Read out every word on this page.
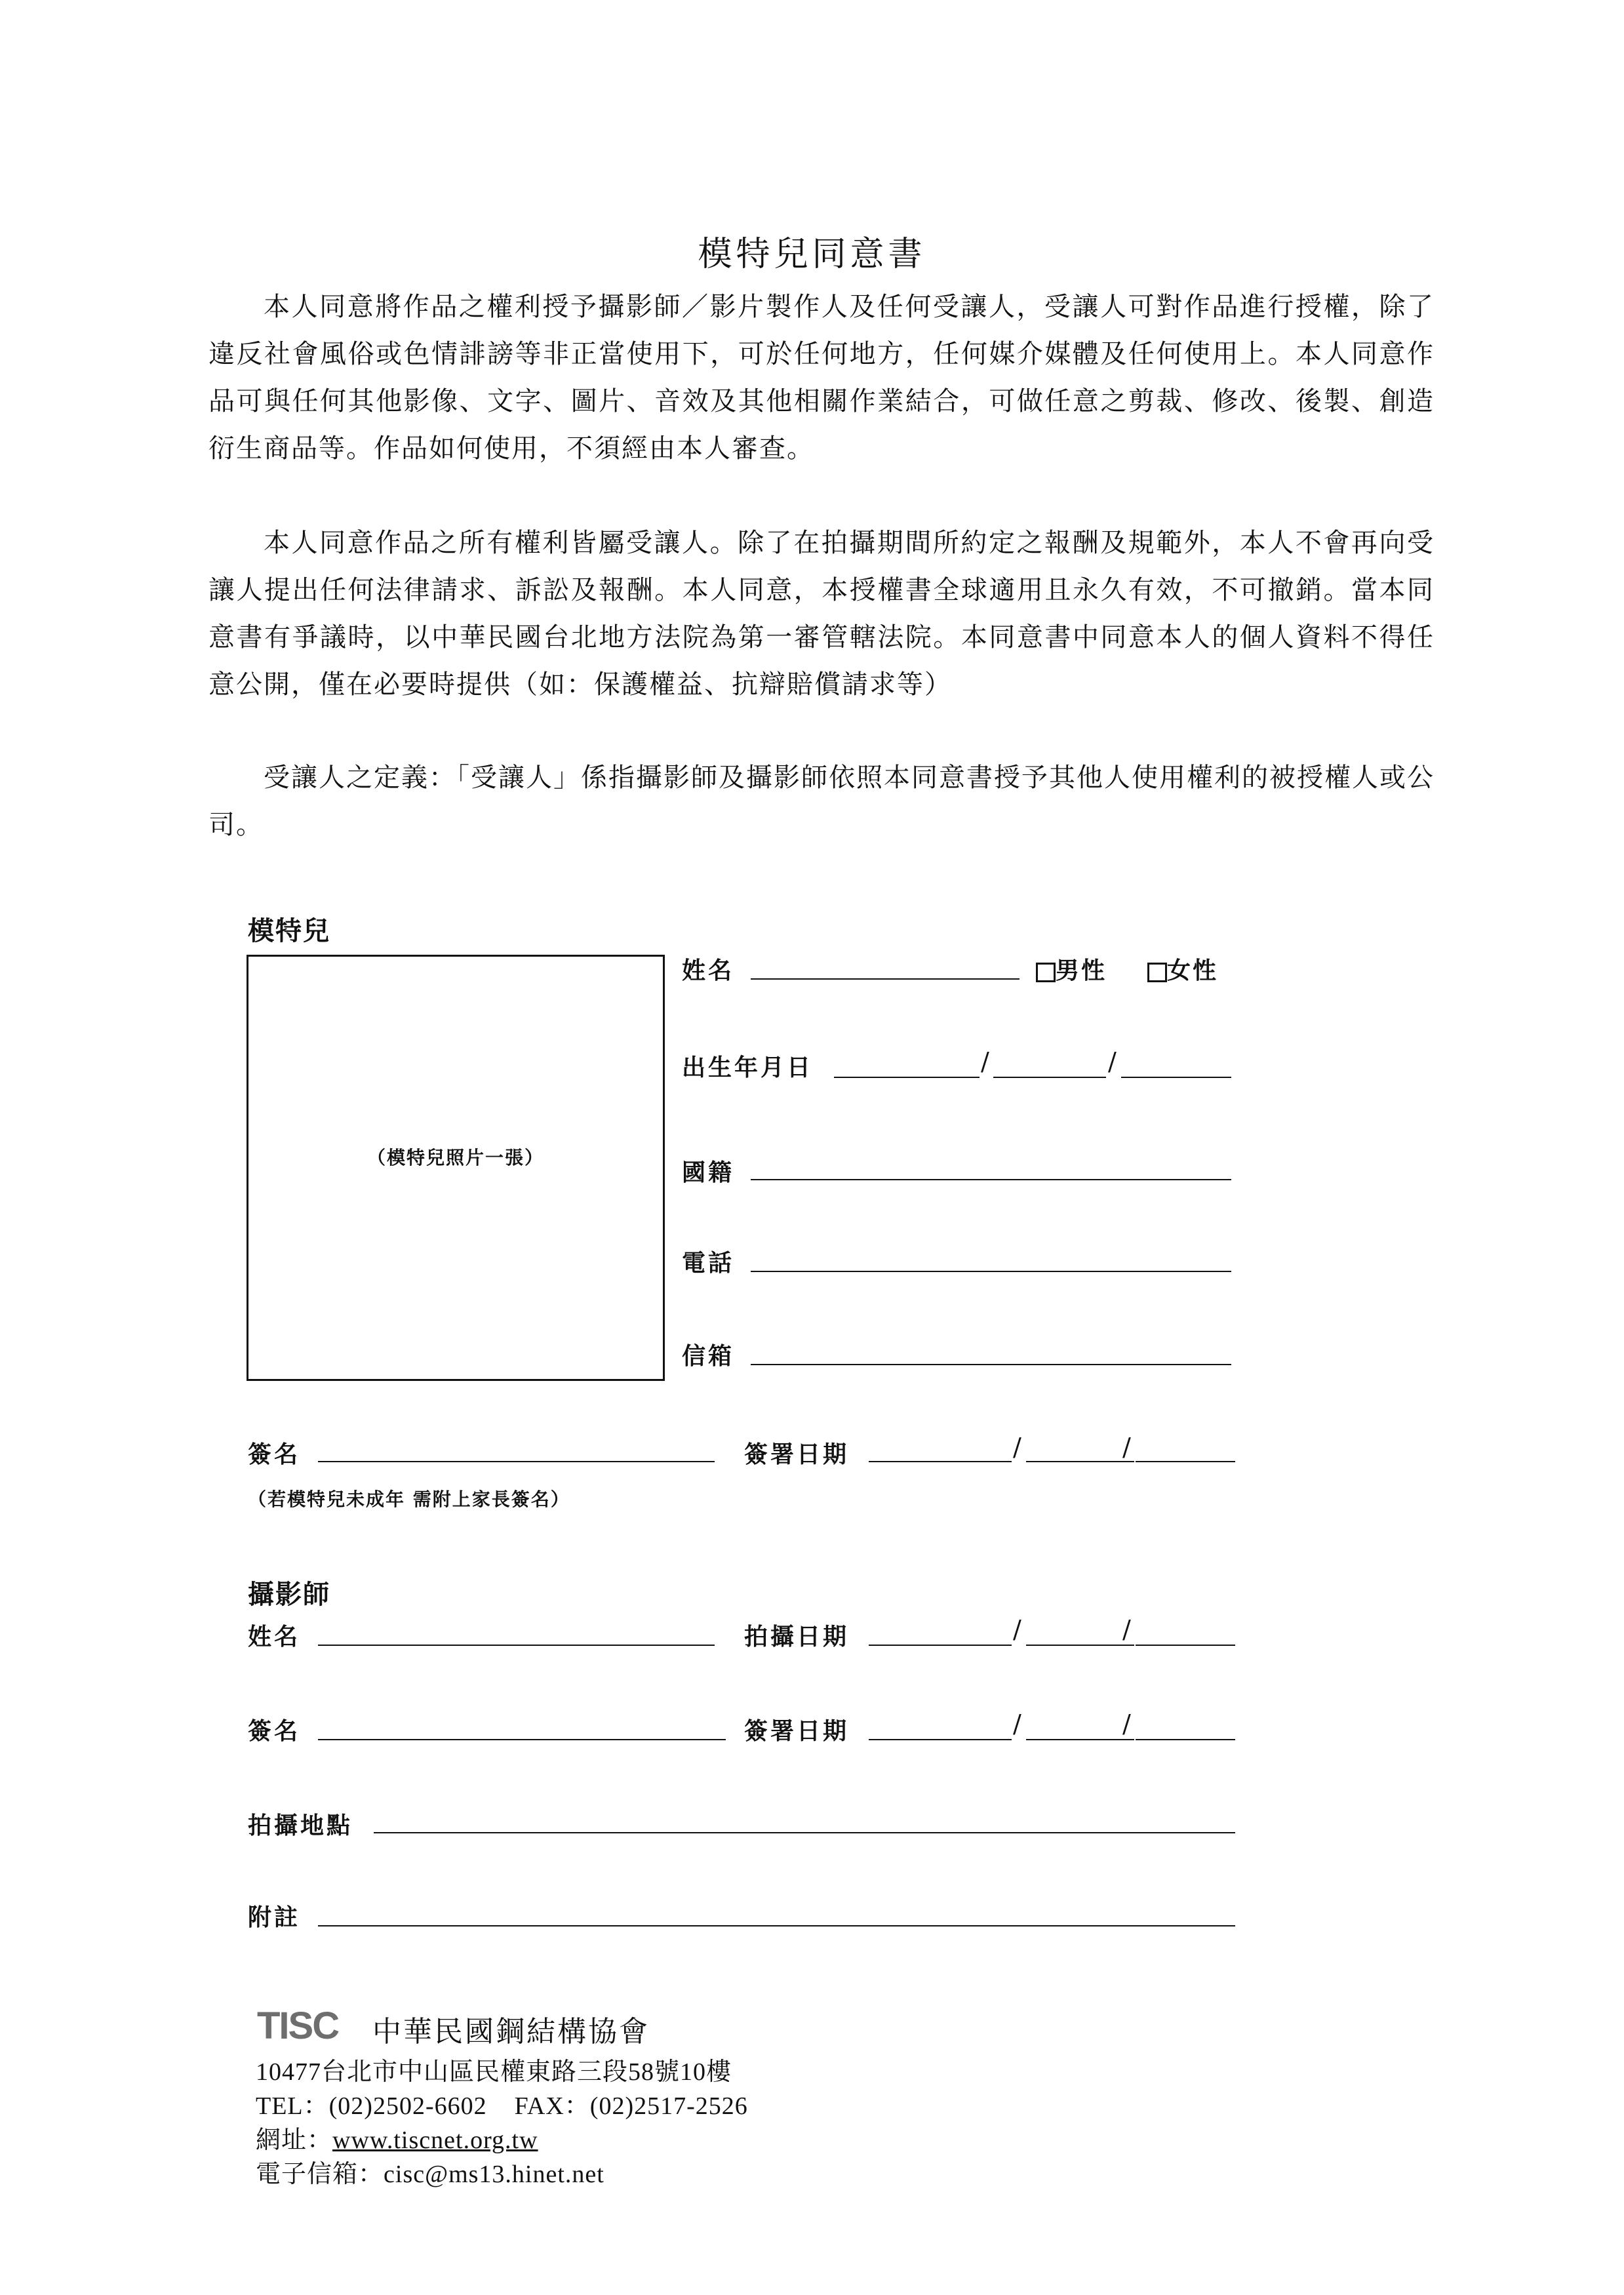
模特兒同意書

本人同意將作品之權利授予攝影師／影片製作人及任何受讓人，受讓人可對作品進行授權，除了違反社會風俗或色情誹謗等非正當使用下，可於任何地方，任何媒介媒體及任何使用上。本人同意作品可與任何其他影像、文字、圖片、音效及其他相關作業結合，可做任意之剪裁、修改、後製、創造衍生商品等。作品如何使用，不須經由本人審查。

本人同意作品之所有權利皆屬受讓人。除了在拍攝期間所約定之報酬及規範外，本人不會再向受讓人提出任何法律請求、訴訟及報酬。本人同意，本授權書全球適用且永久有效，不可撤銷。當本同意書有爭議時，以中華民國台北地方法院為第一審管轄法院。本同意書中同意本人的個人資料不得任意公開，僅在必要時提供（如：保護權益、抗辯賠償請求等）

受讓人之定義：「受讓人」係指攝影師及攝影師依照本同意書授予其他人使用權利的被授權人或公司。

模特兒
（模特兒照片一張）
姓名	男性	女性
出生年月日	/	/
國籍
電話
信箱
簽名	簽署日期	/	/
（若模特兒未成年 需附上家長簽名）
攝影師
姓名	拍攝日期	/	/
簽名	簽署日期	/	/
拍攝地點
附註
TISC 中華民國鋼結構協會
10477台北市中山區民權東路三段58號10樓
TEL：(02)2502-6602    FAX：(02)2517-2526
網址：www.tiscnet.org.tw
電子信箱：cisc@ms13.hinet.net
